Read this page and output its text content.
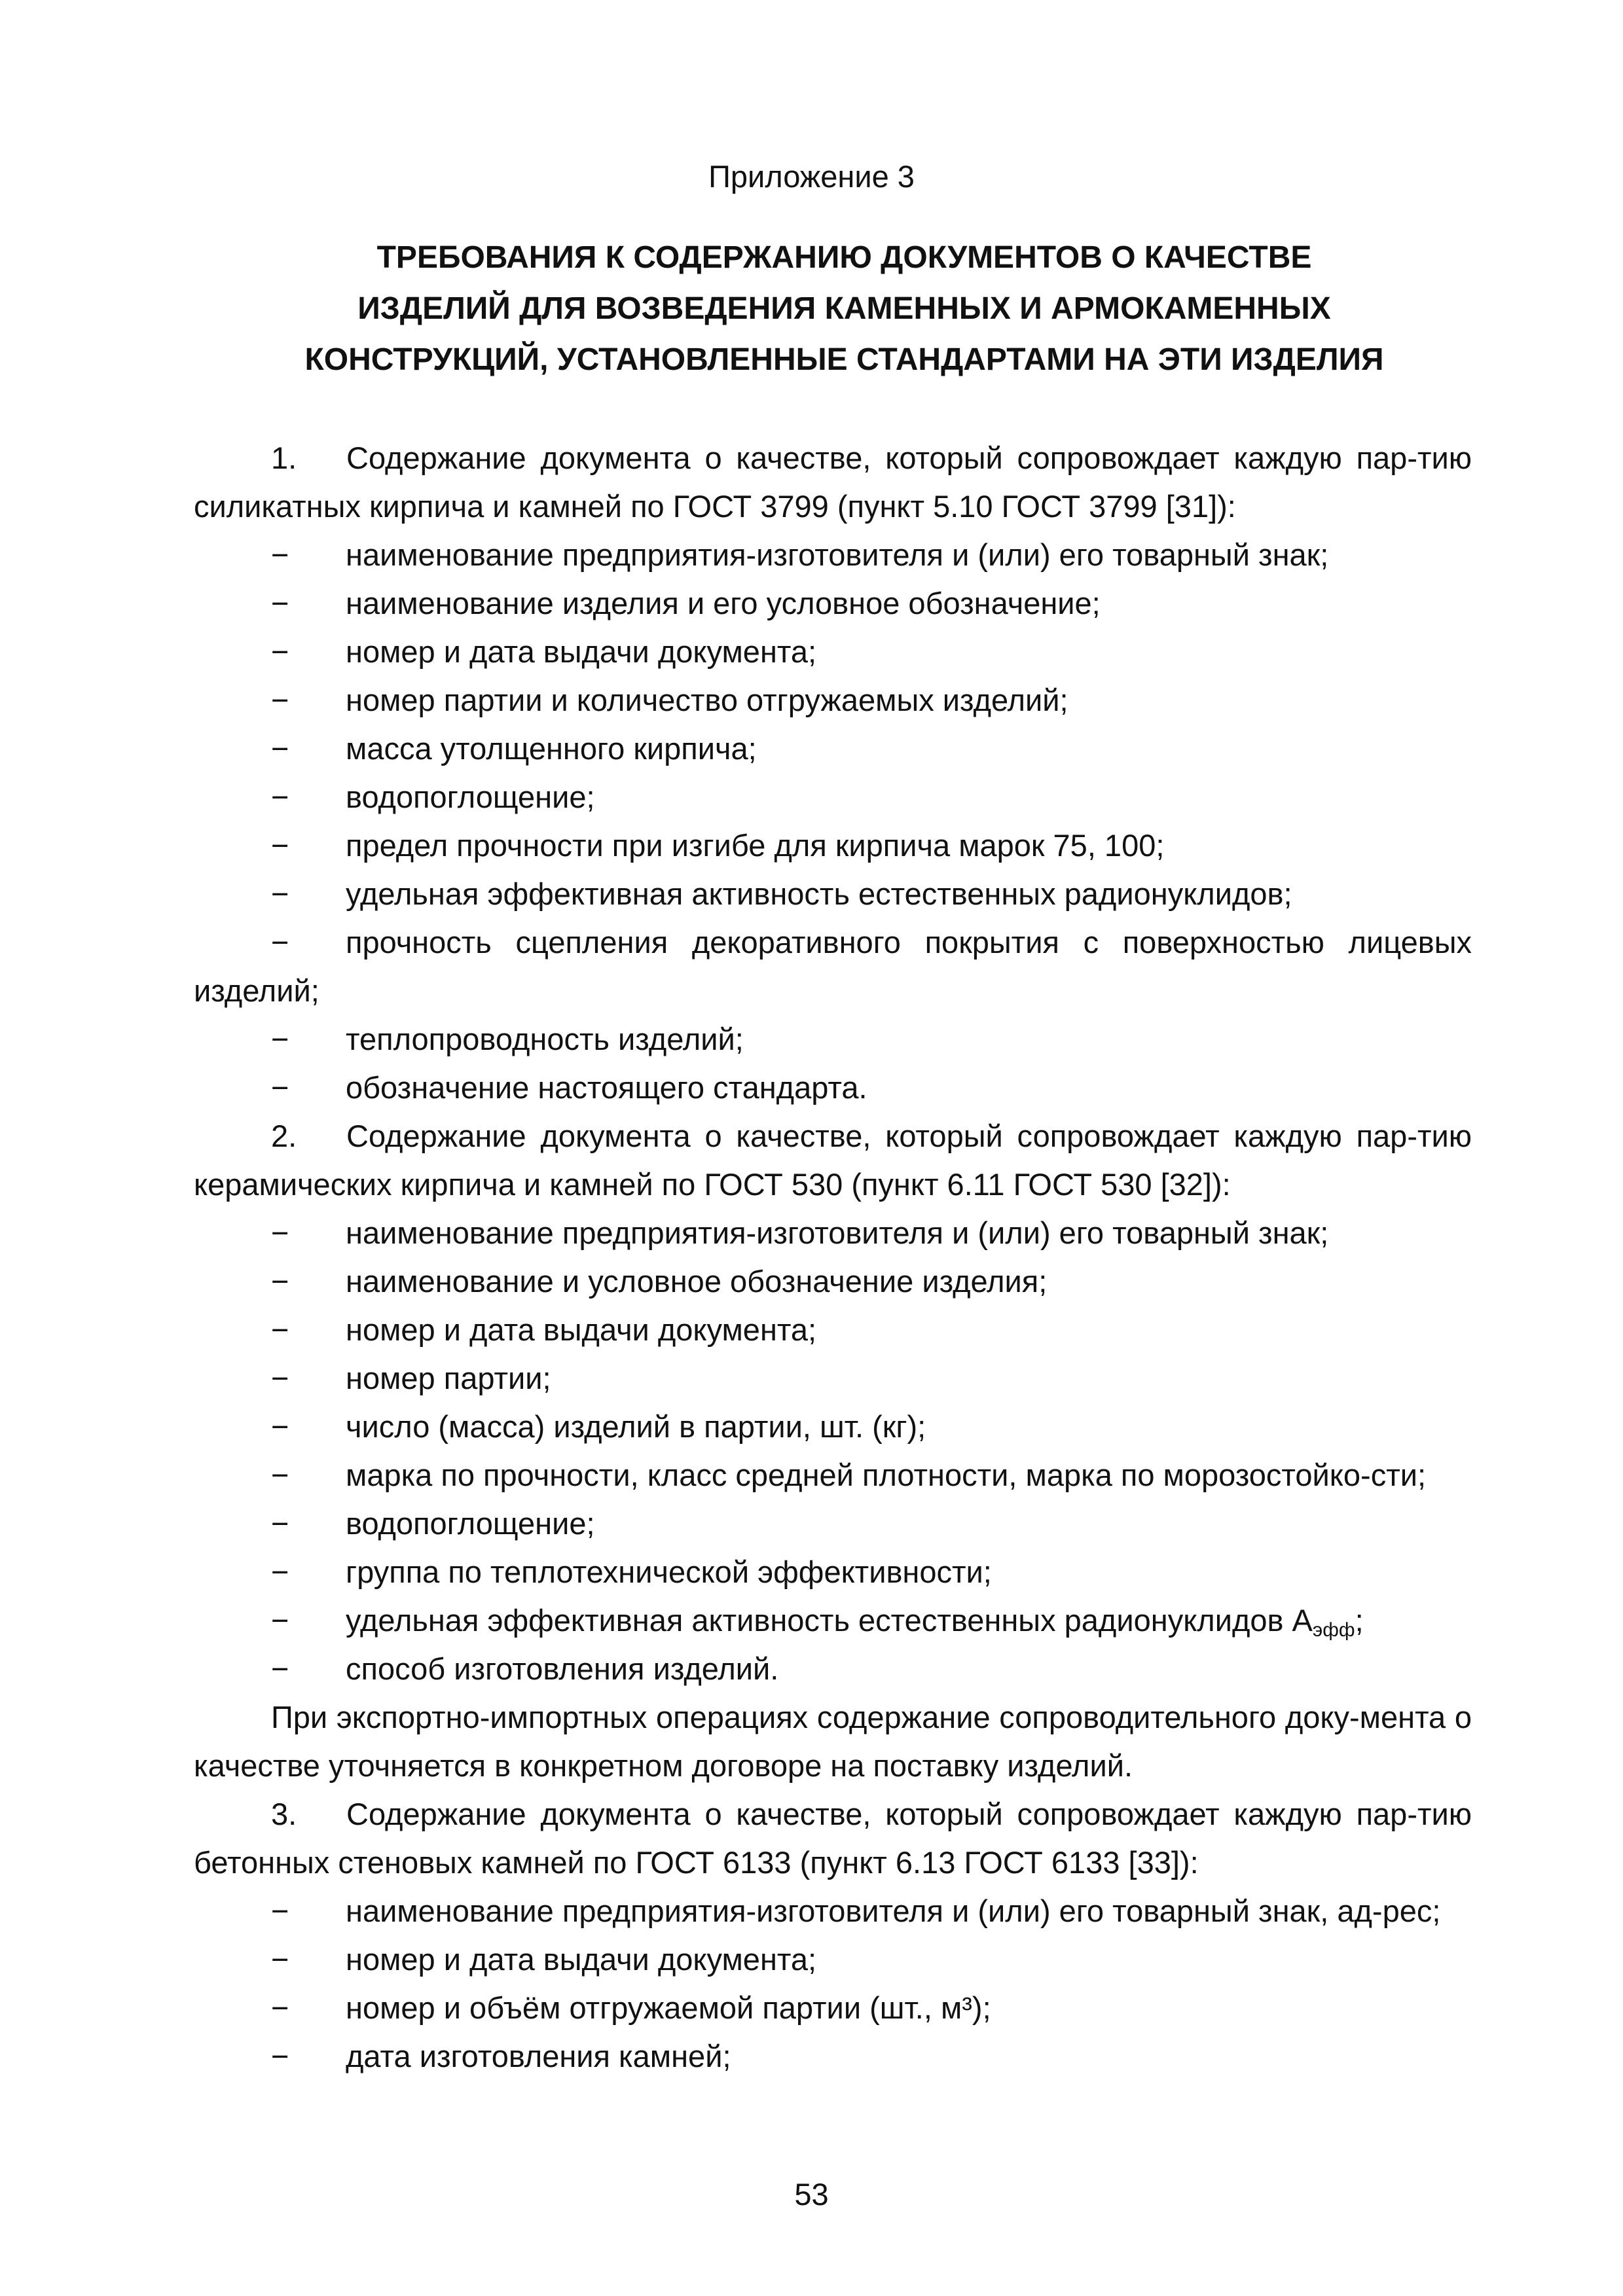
Приложение 3
ТРЕБОВАНИЯ К СОДЕРЖАНИЮ ДОКУМЕНТОВ О КАЧЕСТВЕ
ИЗДЕЛИЙ ДЛЯ ВОЗВЕДЕНИЯ КАМЕННЫХ И АРМОКАМЕННЫХ
КОНСТРУКЦИЙ, УСТАНОВЛЕННЫЕ СТАНДАРТАМИ НА ЭТИ ИЗДЕЛИЯ
1. Содержание документа о качестве, который сопровождает каждую пар-тию силикатных кирпича и камней по ГОСТ 3799 (пункт 5.10 ГОСТ 3799 [31]):
−	наименование предприятия-изготовителя и (или) его товарный знак;
−	наименование изделия и его условное обозначение;
−	номер и дата выдачи документа;
−	номер партии и количество отгружаемых изделий;
−	масса утолщенного кирпича;
−	водопоглощение;
−	предел прочности при изгибе для кирпича марок 75, 100;
−	удельная эффективная активность естественных радионуклидов;
−	прочность сцепления декоративного покрытия с поверхностью лицевых изделий;
−	теплопроводность изделий;
−	обозначение настоящего стандарта.
2. Содержание документа о качестве, который сопровождает каждую пар-тию керамических кирпича и камней по ГОСТ 530 (пункт 6.11 ГОСТ 530 [32]):
−	наименование предприятия-изготовителя и (или) его товарный знак;
−	наименование и условное обозначение изделия;
−	номер и дата выдачи документа;
−	номер партии;
−	число (масса) изделий в партии, шт. (кг);
−	марка по прочности, класс средней плотности, марка по морозостойко-сти;
−	водопоглощение;
−	группа по теплотехнической эффективности;
−	удельная эффективная активность естественных радионуклидов $А_{эфф}$;
−	способ изготовления изделий.
При экспортно-импортных операциях содержание сопроводительного доку-мента о качестве уточняется в конкретном договоре на поставку изделий.
3. Содержание документа о качестве, который сопровождает каждую пар-тию бетонных стеновых камней по ГОСТ 6133 (пункт 6.13 ГОСТ 6133 [33]):
−	наименование предприятия-изготовителя и (или) его товарный знак, ад-рес;
−	номер и дата выдачи документа;
−	номер и объём отгружаемой партии (шт., м³);
−	дата изготовления камней;
53
